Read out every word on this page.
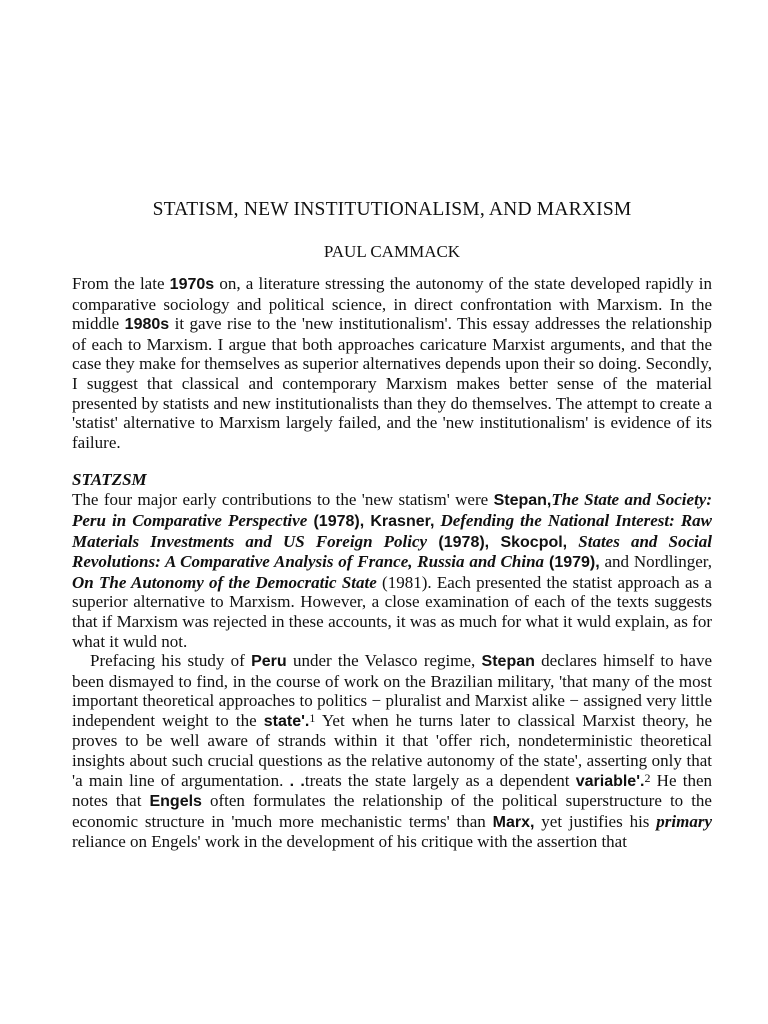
STATISM, NEW INSTITUTIONALISM, AND MARXISM
PAUL CAMMACK

From the late 1970s on, a literature stressing the autonomy of the state developed rapidly in comparative sociology and political science, in direct confrontation with Marxism. In the middle 1980s it gave rise to the 'new institutionalism'. This essay addresses the relationship of each to Marxism. I argue that both approaches caricature Marxist arguments, and that the case they make for themselves as superior alternatives depends upon their so doing. Secondly, I suggest that classical and contemporary Marxism makes better sense of the material presented by statists and new institutionalists than they do themselves. The attempt to create a 'statist' alternative to Marxism largely failed, and the 'new institutionalism' is evidence of its failure.

STATZSM

The four major early contributions to the 'new statism' were Stepan,The State and Society: Peru in Comparative Perspective (1978), Krasner, Defending the National Interest: Raw Materials Investments and US Foreign Policy (1978), Skocpol, States and Social Revolutions: A Comparative Analysis of France, Russia and China (1979), and Nordlinger, On The Autonomy of the Democratic State (1981). Each presented the statist approach as a superior alternative to Marxism. However, a close examination of each of the texts suggests that if Marxism was rejected in these accounts, it was as much for what it wuld explain, as for what it wuld not.

Prefacing his study of Peru under the Velasco regime, Stepan declares himself to have been dismayed to find, in the course of work on the Brazilian military, 'that many of the most important theoretical approaches to politics − pluralist and Marxist alike − assigned very little independent weight to the state'.$^1$ Yet when he turns later to classical Marxist theory, he proves to be well aware of strands within it that 'offer rich, nondeterministic theoretical insights about such crucial questions as the relative autonomy of the state', asserting only that 'a main line of argumentation. . .treats the state largely as a dependent variable'.$^2$ He then notes that Engels often formulates the relationship of the political superstructure to the economic structure in 'much more mechanistic terms' than Marx, yet justifies his primary reliance on Engels' work in the development of his critique with the assertion that
